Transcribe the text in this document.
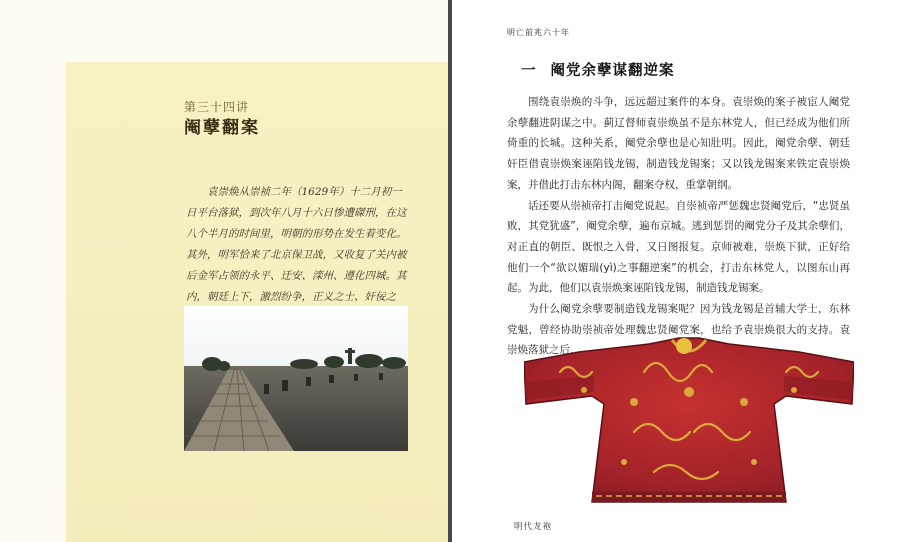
第三十四讲
阉孽翻案

袁崇焕从崇祯二年（1629年）十二月初一日平台落狱，到次年八月十六日惨遭磔刑，在这八个半月的时间里，明朝的形势在发生着变化。其外，明军恰来了北京保卫战，又收复了关内被后金军占领的永平、迁安、滦州、遵化四城。其内，朝廷上下，激烈纷争，正义之士、奸佞之

明亡前兆六十年
一 阉党余孽谋翻逆案

围绕袁崇焕的斗争，远远超过案件的本身。袁崇焕的案子被宦人阉党余孽翻进阴谋之中。蓟辽督师袁崇焕虽不是东林党人，但已经成为他们所倚重的长城。这种关系，阉党余孽也是心知肚明。因此，阉党余孽、朝廷奸臣借袁崇焕案诬陷钱龙锡，制造钱龙锡案；又以钱龙锡案来铁定袁崇焕案，并借此打击东林内阁，翻案夺权，重掌朝纲。

话还要从崇祯帝打击阉党说起。自崇祯帝严惩魏忠贤阉党后，“忠贤虽败，其党犹盛”，阉党余孽，遍布京城。逃到惩罚的阉党分子及其余孽们，对正直的朝臣、既恨之入骨，又日图报复。京师被难，崇焕下狱，正好给他们一个“欲以媚瑞(yì)之事翻逆案”的机会，打击东林党人，以图东山再起。为此，他们以袁崇焕案诬陷钱龙锡，制造钱龙锡案。

为什么阉党余孽要制造钱龙锡案呢？因为钱龙锡是首辅大学士，东林党魁，曾经协助崇祯帝处理魏忠贤阉党案，也给予袁崇焕很大的支持。袁崇焕落狱之后，

明代龙袍
